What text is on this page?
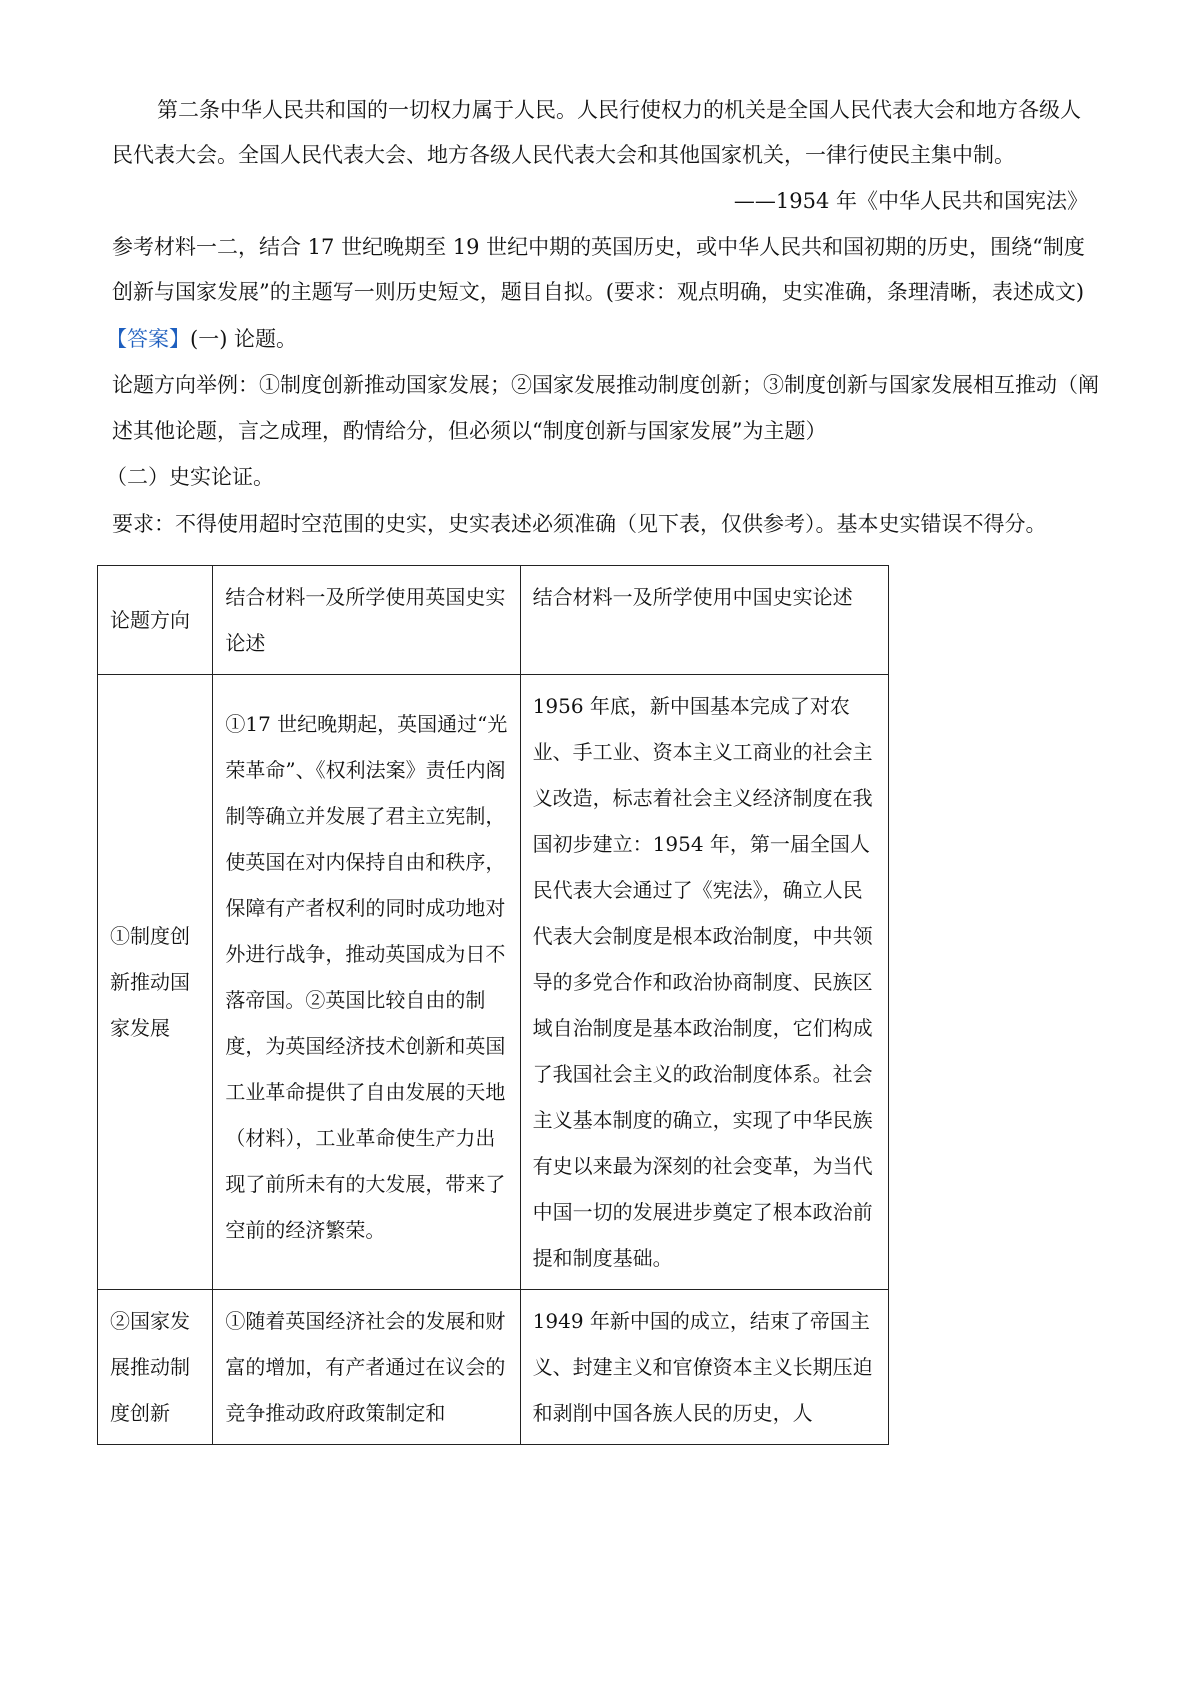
第二条中华人民共和国的一切权力属于人民。人民行使权力的机关是全国人民代表大会和地方各级人
民代表大会。全国人民代表大会、地方各级人民代表大会和其他国家机关，一律行使民主集中制。
——1954 年《中华人民共和国宪法》
参考材料一二，结合 17 世纪晚期至 19 世纪中期的英国历史，或中华人民共和国初期的历史，围绕“制度
创新与国家发展”的主题写一则历史短文，题目自拟。(要求：观点明确，史实准确，条理清晰，表述成文)
【答案】(一) 论题。
论题方向举例：①制度创新推动国家发展；②国家发展推动制度创新；③制度创新与国家发展相互推动（阐
述其他论题，言之成理，酌情给分，但必须以“制度创新与国家发展”为主题）
（二）史实论证。
要求：不得使用超时空范围的史实，史实表述必须准确（见下表，仅供参考）。基本史实错误不得分。
论题方向	结合材料一及所学使用英国史实论述	结合材料一及所学使用中国史实论述
①制度创新推动国家发展	①17 世纪晚期起，英国通过“光荣革命”、《权利法案》责任内阁制等确立并发展了君主立宪制，使英国在对内保持自由和秩序，保障有产者权利的同时成功地对外进行战争，推动英国成为日不落帝国。②英国比较自由的制度，为英国经济技术创新和英国工业革命提供了自由发展的天地（材料），工业革命使生产力出现了前所未有的大发展，带来了空前的经济繁荣。	1956 年底，新中国基本完成了对农业、手工业、资本主义工商业的社会主义改造，标志着社会主义经济制度在我国初步建立：1954 年，第一届全国人民代表大会通过了《宪法》，确立人民代表大会制度是根本政治制度，中共领导的多党合作和政治协商制度、民族区域自治制度是基本政治制度，它们构成了我国社会主义的政治制度体系。社会主义基本制度的确立，实现了中华民族有史以来最为深刻的社会变革，为当代中国一切的发展进步奠定了根本政治前提和制度基础。
②国家发展推动制度创新	①随着英国经济社会的发展和财富的增加，有产者通过在议会的竞争推动政府政策制定和	1949 年新中国的成立，结束了帝国主义、封建主义和官僚资本主义长期压迫和剥削中国各族人民的历史，人
